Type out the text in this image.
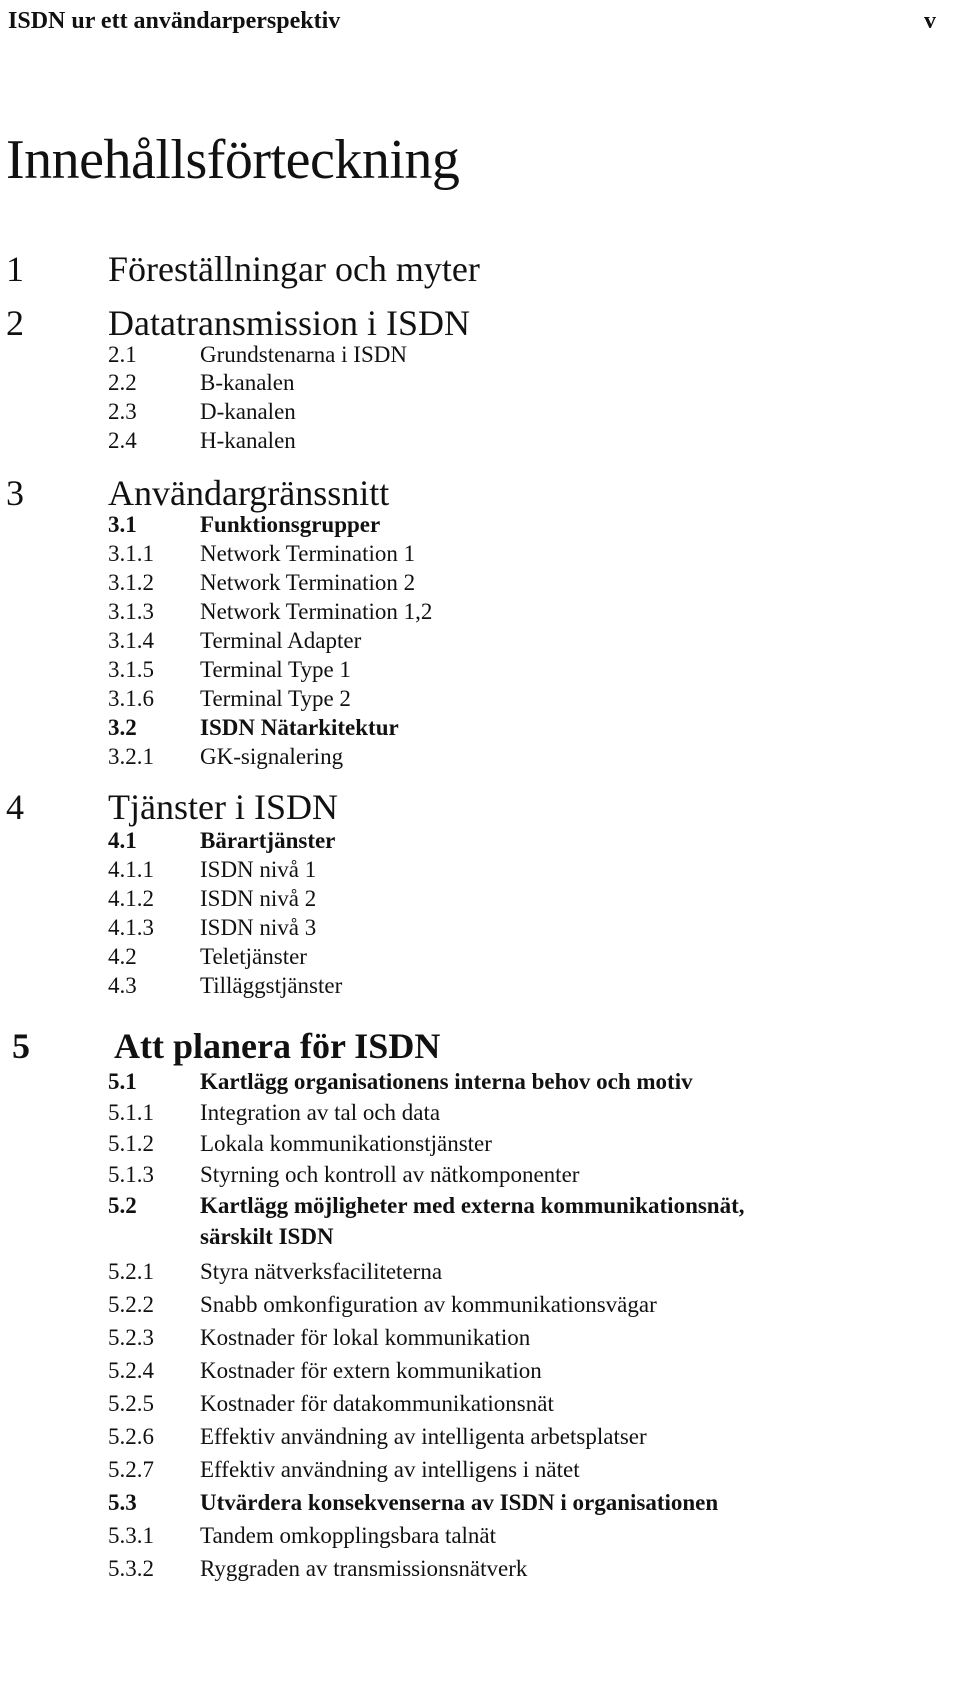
ISDN ur ett användarperspektiv	v
Innehållsförteckning
1 Föreställningar och myter
2 Datatransmission i ISDN
2.1	Grundstenarna i ISDN
2.2	B-kanalen
2.3	D-kanalen
2.4	H-kanalen
3 Användargränssnitt
3.1	Funktionsgrupper
3.1.1 Network Termination 1
3.1.2 Network Termination 2
3.1.3 Network Termination 1,2
3.1.4 Terminal Adapter
3.1.5 Terminal Type 1
3.1.6 Terminal Type 2
3.2	ISDN Nätarkitektur
3.2.1 GK-signalering
4 Tjänster i ISDN
4.1	Bärartjänster
4.1.1 ISDN nivå 1
4.1.2 ISDN nivå 2
4.1.3 ISDN nivå 3
4.2	Teletjänster
4.3	Tilläggstjänster
5 Att planera för ISDN
5.1	Kartlägg organisationens interna behov och motiv
5.1.1 Integration av tal och data
5.1.2 Lokala kommunikationstjänster
5.1.3 Styrning och kontroll av nätkomponenter
5.2	Kartlägg möjligheter med externa kommunikationsnät,
särskilt ISDN
5.2.1 Styra nätverksfaciliteterna
5.2.2 Snabb omkonfiguration av kommunikationsvägar
5.2.3 Kostnader för lokal kommunikation
5.2.4 Kostnader för extern kommunikation
5.2.5 Kostnader för datakommunikationsnät
5.2.6 Effektiv användning av intelligenta arbetsplatser
5.2.7 Effektiv användning av intelligens i nätet
5.3	Utvärdera konsekvenserna av ISDN i organisationen
5.3.1 Tandem omkopplingsbara talnät
5.3.2 Ryggraden av transmissionsnätverk
